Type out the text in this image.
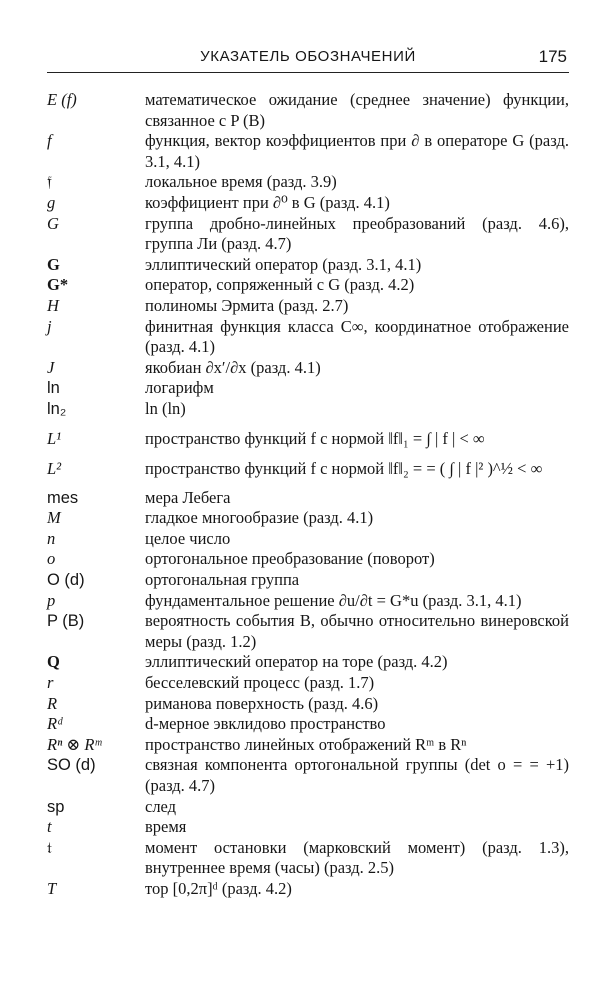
УКАЗАТЕЛЬ ОБОЗНАЧЕНИЙ	175
E (f)	математическое ожидание (среднее значение) функции, связанное с P (B)
f	функция, вектор коэффициентов при ∂ в операторе G (разд. 3.1, 4.1)
𝔣	локальное время (разд. 3.9)
g	коэффициент при ∂⁰ в G (разд. 4.1)
G	группа дробно-линейных преобразований (разд. 4.6), группа Ли (разд. 4.7)
G	эллиптический оператор (разд. 3.1, 4.1)
G*	оператор, сопряженный с G (разд. 4.2)
H	полиномы Эрмита (разд. 2.7)
j	финитная функция класса C∞, координатное отображение (разд. 4.1)
J	якобиан ∂x′/∂x (разд. 4.1)
ln	логарифм
ln₂	ln (ln)
L¹	пространство функций f с нормой ‖f‖₁ = ∫ | f | < ∞
L²	пространство функций f с нормой ‖f‖₂ = = ( ∫ | f |² )^½ < ∞
mes	мера Лебега
M	гладкое многообразие (разд. 4.1)
n	целое число
o	ортогональное преобразование (поворот)
O (d)	ортогональная группа
p	фундаментальное решение ∂u/∂t = G*u (разд. 3.1, 4.1)
P (B)	вероятность события B, обычно относительно винеровской меры (разд. 1.2)
Q	эллиптический оператор на торе (разд. 4.2)
r	бесселевский процесс (разд. 1.7)
R	риманова поверхность (разд. 4.6)
Rᵈ	d-мерное эвклидово пространство
Rⁿ ⊗ Rᵐ	пространство линейных отображений Rᵐ в Rⁿ
SO (d)	связная компонента ортогональной группы (det o = = +1) (разд. 4.7)
sp	след
t	время
𝔱	момент остановки (марковский момент) (разд. 1.3), внутреннее время (часы) (разд. 2.5)
T	тор [0,2π]ᵈ (разд. 4.2)
